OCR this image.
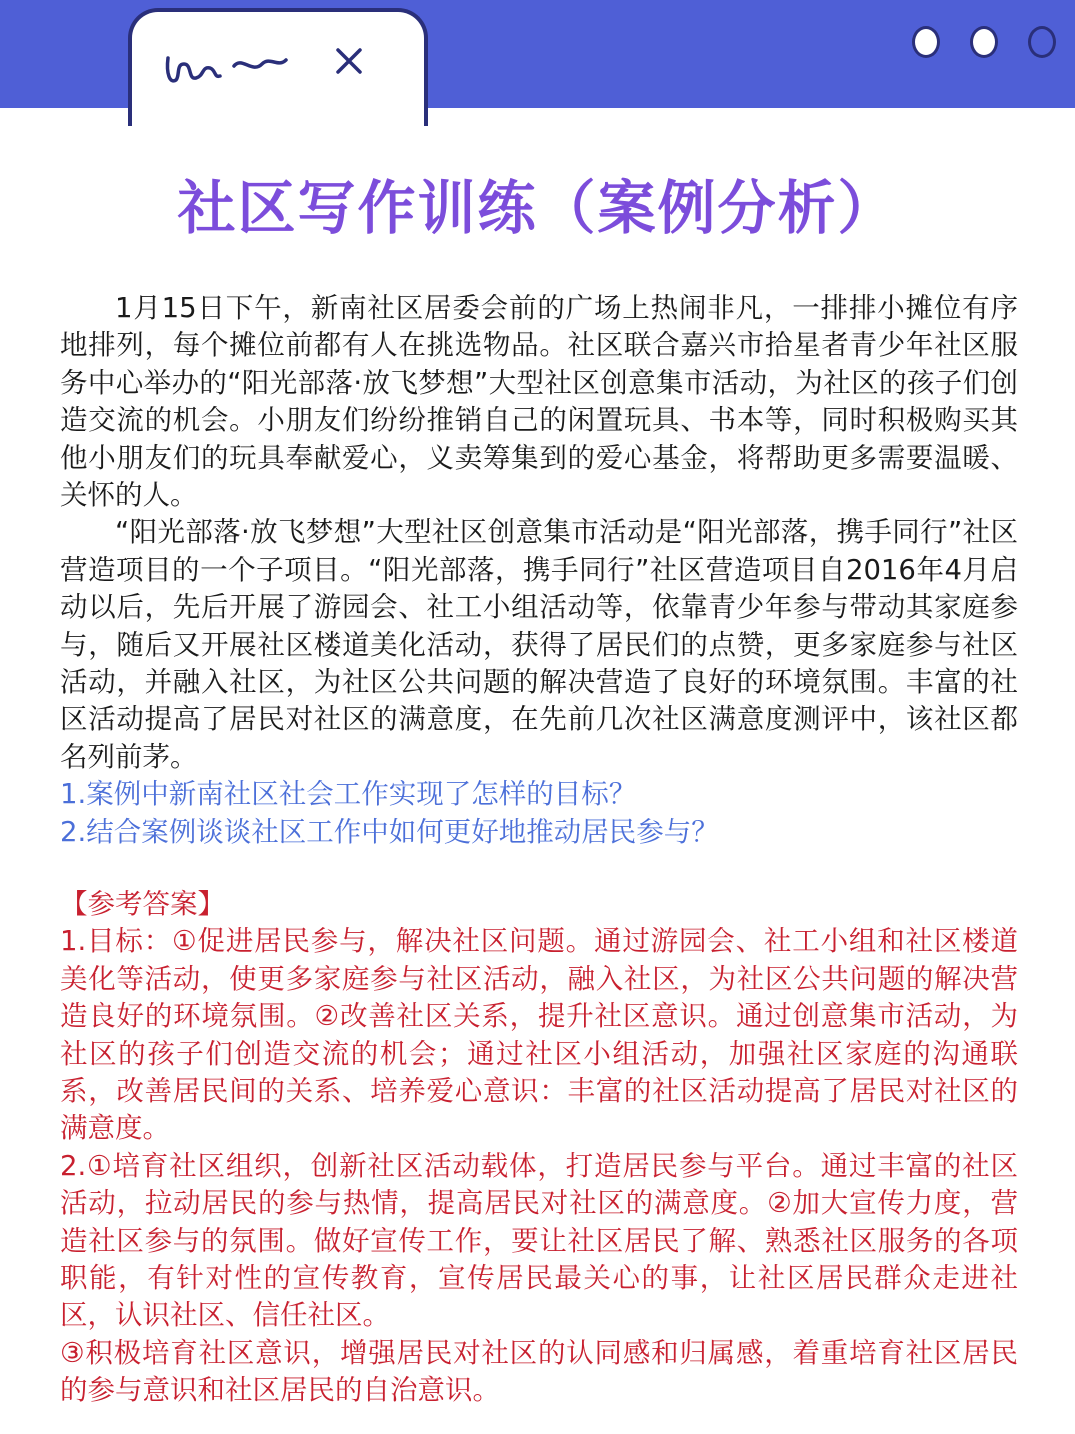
社区写作训练（案例分析）

1月15日下午，新南社区居委会前的广场上热闹非凡，一排排小摊位有序地排列，每个摊位前都有人在挑选物品。社区联合嘉兴市拾星者青少年社区服务中心举办的“阳光部落·放飞梦想”大型社区创意集市活动，为社区的孩子们创造交流的机会。小朋友们纷纷推销自己的闲置玩具、书本等，同时积极购买其他小朋友们的玩具奉献爱心，义卖筹集到的爱心基金，将帮助更多需要温暖、关怀的人。

“阳光部落·放飞梦想”大型社区创意集市活动是“阳光部落，携手同行”社区营造项目的一个子项目。“阳光部落，携手同行”社区营造项目自2016年4月启动以后，先后开展了游园会、社工小组活动等，依靠青少年参与带动其家庭参与，随后又开展社区楼道美化活动，获得了居民们的点赞，更多家庭参与社区活动，并融入社区，为社区公共问题的解决营造了良好的环境氛围。丰富的社区活动提高了居民对社区的满意度，在先前几次社区满意度测评中，该社区都名列前茅。

1.案例中新南社区社会工作实现了怎样的目标？
2.结合案例谈谈社区工作中如何更好地推动居民参与？

【参考答案】

1.目标：①促进居民参与，解决社区问题。通过游园会、社工小组和社区楼道美化等活动，使更多家庭参与社区活动，融入社区，为社区公共问题的解决营造良好的环境氛围。②改善社区关系，提升社区意识。通过创意集市活动，为社区的孩子们创造交流的机会；通过社区小组活动，加强社区家庭的沟通联系，改善居民间的关系、培养爱心意识：丰富的社区活动提高了居民对社区的满意度。

2.①培育社区组织，创新社区活动载体，打造居民参与平台。通过丰富的社区活动，拉动居民的参与热情，提高居民对社区的满意度。②加大宣传力度，营造社区参与的氛围。做好宣传工作，要让社区居民了解、熟悉社区服务的各项职能，有针对性的宣传教育，宣传居民最关心的事，让社区居民群众走进社区，认识社区、信任社区。

③积极培育社区意识，增强居民对社区的认同感和归属感，着重培育社区居民的参与意识和社区居民的自治意识。
